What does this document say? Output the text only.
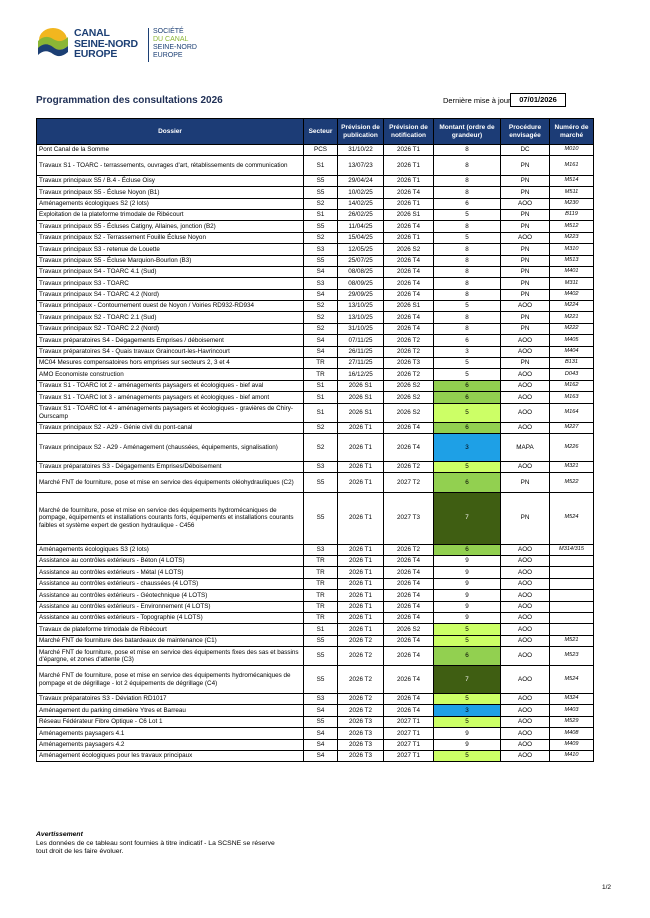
CANAL
SEINE-NORD
EUROPE
SOCIÉTÉ
DU CANAL
SEINE-NORD
EUROPE
Programmation des consultations 2026	Dernière mise à jour	07/01/2026
Dossier	Secteur	Prévision de publication	Prévision de notification	Montant (ordre de grandeur)	Procédure envisagée	Numéro de marché
Pont Canal de la Somme	PCS	31/10/22	2026 T1	8	DC	M010
Travaux S1 - TOARC - terrassements, ouvrages d'art, rétablissements de communication	S1	13/07/23	2026 T1	8	PN	M161
Travaux principaux S5 / B.4 - Écluse Oisy	S5	29/04/24	2026 T1	8	PN	M514
Travaux principaux S5 - Écluse Noyon (B1)	S5	10/02/25	2026 T4	8	PN	M511
Aménagements écologiques S2 (2 lots)	S2	14/02/25	2026 T1	6	AOO	M230
Exploitation de la plateforme trimodale de Ribécourt	S1	26/02/25	2026 S1	5	PN	B119
Travaux principaux S5 - Écluses Catigny, Allaines, jonction (B2)	S5	11/04/25	2026 T4	8	PN	M512
Travaux principaux S2 - Terrassement Fouille Écluse Noyon	S2	15/04/25	2026 T1	5	AOO	M223
Travaux principaux S3 - retenue de Louette	S3	12/05/25	2026 S2	8	PN	M310
Travaux principaux S5 - Écluse Marquion-Bourlon (B3)	S5	25/07/25	2026 T4	8	PN	M513
Travaux principaux S4 - TOARC 4.1 (Sud)	S4	08/08/25	2026 T4	8	PN	M401
Travaux principaux S3 - TOARC	S3	08/09/25	2026 T4	8	PN	M311
Travaux principaux S4 - TOARC 4.2 (Nord)	S4	29/09/25	2026 T4	8	PN	M402
Travaux principaux - Contournement ouest de Noyon / Voiries RD932-RD934	S2	13/10/25	2026 S1	5	AOO	M224
Travaux principaux S2 - TOARC 2.1 (Sud)	S2	13/10/25	2026 T4	8	PN	M221
Travaux principaux S2 - TOARC 2.2 (Nord)	S2	31/10/25	2026 T4	8	PN	M222
Travaux préparatoires S4 - Dégagements Emprises / déboisement	S4	07/11/25	2026 T2	6	AOO	M405
Travaux préparatoires S4 - Quais travaux Graincourt-les-Havrincourt	S4	26/11/25	2026 T2	3	AOO	M404
MC04 Mesures compensatoires hors emprises sur secteurs 2, 3 et 4	TR	27/11/25	2026 T3	5	PN	B131
AMO Economiste construction	TR	16/12/25	2026 T2	5	AOO	D043
Travaux S1 - TOARC lot 2 - aménagements paysagers et écologiques - bief aval	S1	2026 S1	2026 S2	6	AOO	M162
Travaux S1 - TOARC lot 3 - aménagements paysagers et écologiques - bief amont	S1	2026 S1	2026 S2	6	AOO	M163
Travaux S1 - TOARC lot 4 - aménagements paysagers et écologiques - gravières de Chiry-Ourscamp	S1	2026 S1	2026 S2	5	AOO	M164
Travaux principaux S2 - A29 - Génie civil du pont-canal	S2	2026 T1	2026 T4	6	AOO	M227
Travaux principaux S2 - A29 - Aménagement (chaussées, équipements, signalisation)	S2	2026 T1	2026 T4	3	MAPA	M226
Travaux préparatoires S3 - Dégagements Emprises/Déboisement	S3	2026 T1	2026 T2	5	AOO	M321
Marché FNT de fourniture, pose et mise en service des équipements oléohydrauliques (C2)	S5	2026 T1	2027 T2	6	PN	M522
Marché de fourniture, pose et mise en service des équipements hydromécaniques de pompage, équipements et installations courants forts, équipements et installations courants faibles et système expert de gestion hydraulique - C456	S5	2026 T1	2027 T3	7	PN	M524
Aménagements écologiques S3 (2 lots)	S3	2026 T1	2026 T2	6	AOO	M314/315
Assistance au contrôles extérieurs - Béton (4 LOTS)	TR	2026 T1	2026 T4	9	AOO	
Assistance au contrôles extérieurs - Métal (4 LOTS)	TR	2026 T1	2026 T4	9	AOO	
Assistance au contrôles extérieurs - chaussées (4 LOTS)	TR	2026 T1	2026 T4	9	AOO	
Assistance au contrôles extérieurs - Géotechnique (4 LOTS)	TR	2026 T1	2026 T4	9	AOO	
Assistance au contrôles extérieurs - Environnement (4 LOTS)	TR	2026 T1	2026 T4	9	AOO	
Assistance au contrôles extérieurs - Topographie (4 LOTS)	TR	2026 T1	2026 T4	9	AOO	
Travaux de plateforme trimodale de Ribécourt	S1	2026 T1	2026 S2	5	AOO	
Marché FNT de fourniture des batardeaux de maintenance (C1)	S5	2026 T2	2026 T4	5	AOO	M521
Marché FNT de fourniture, pose et mise en service des équipements fixes des sas et bassins d'épargne, et zones d'attente (C3)	S5	2026 T2	2026 T4	6	AOO	M523
Marché FNT de fourniture, pose et mise en service des équipements hydromécaniques de pompage et de dégrillage - lot 2 équipements de dégrillage (C4)	S5	2026 T2	2026 T4	7	AOO	M524
Travaux préparatoires S3 - Déviation RD1017	S3	2026 T2	2026 T4	5	AOO	M324
Aménagement du parking cimetière Ytres et Barreau	S4	2026 T2	2026 T4	3	AOO	M403
Réseau Fédérateur Fibre Optique - C6 Lot 1	S5	2026 T3	2027 T1	5	AOO	M529
Aménagements paysagers 4.1	S4	2026 T3	2027 T1	9	AOO	M408
Aménagements paysagers 4.2	S4	2026 T3	2027 T1	9	AOO	M409
Aménagement écologiques pour les travaux principaux	S4	2026 T3	2027 T1	5	AOO	M410
Avertissement
Les données de ce tableau sont fournies à titre indicatif - La SCSNE se réserve
tout droit de les faire évoluer.
1/2
